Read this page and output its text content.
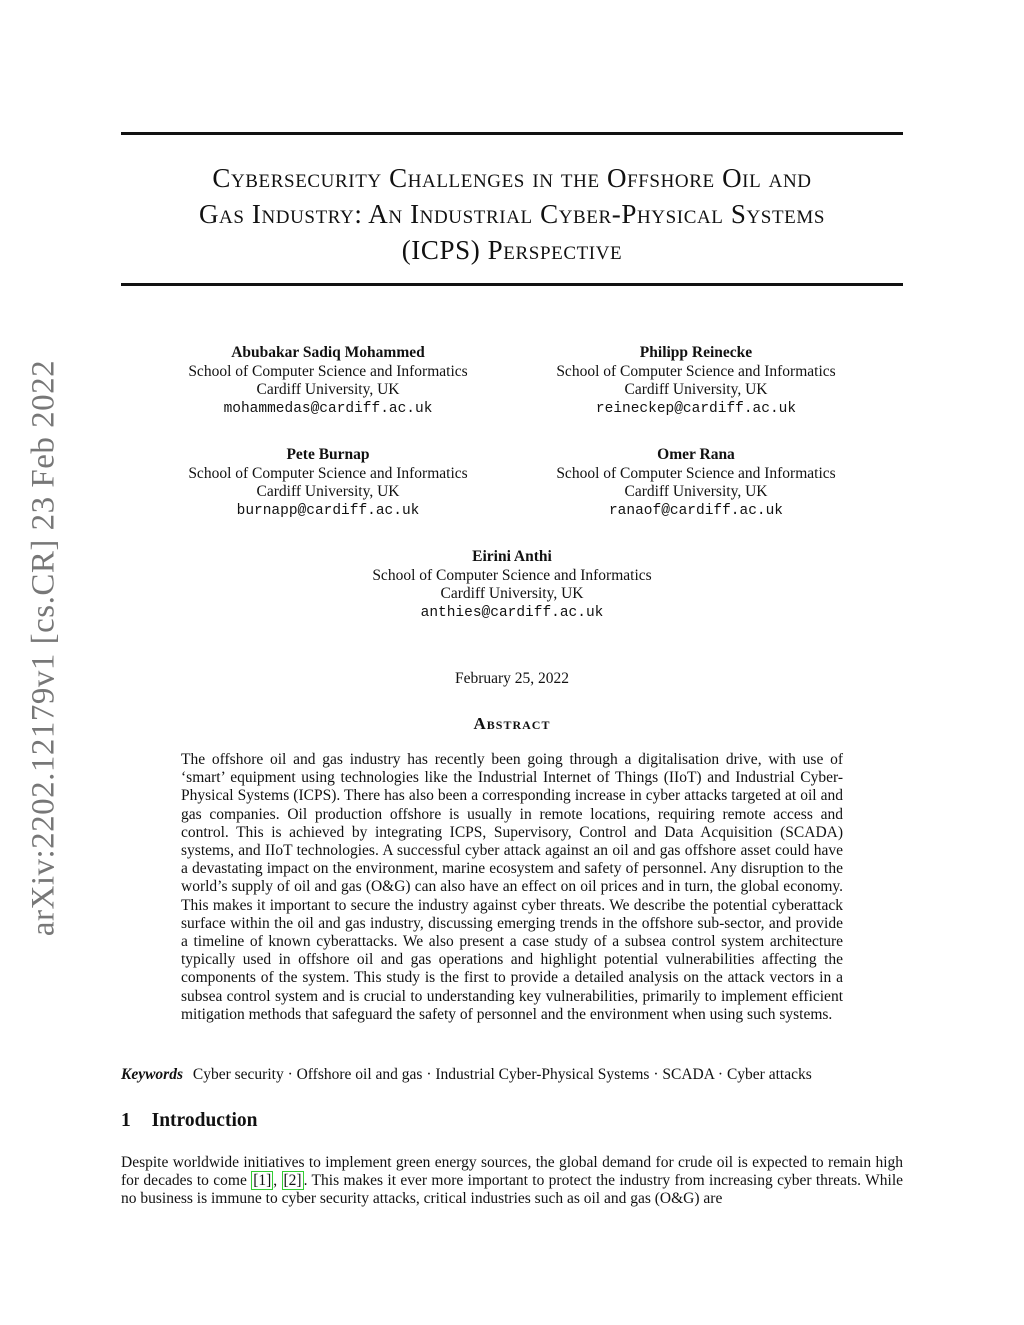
arXiv:2202.12179v1 [cs.CR] 23 Feb 2022
Cybersecurity Challenges in the Offshore Oil and
Gas Industry: An Industrial Cyber-Physical Systems
(ICPS) Perspective
Abubakar Sadiq Mohammed
School of Computer Science and Informatics
Cardiff University, UK
mohammedas@cardiff.ac.uk
Philipp Reinecke
School of Computer Science and Informatics
Cardiff University, UK
reineckep@cardiff.ac.uk
Pete Burnap
School of Computer Science and Informatics
Cardiff University, UK
burnapp@cardiff.ac.uk
Omer Rana
School of Computer Science and Informatics
Cardiff University, UK
ranaof@cardiff.ac.uk
Eirini Anthi
School of Computer Science and Informatics
Cardiff University, UK
anthies@cardiff.ac.uk
February 25, 2022
Abstract

The offshore oil and gas industry has recently been going through a digitalisation drive, with use of ‘smart’ equipment using technologies like the Industrial Internet of Things (IIoT) and Industrial Cyber-Physical Systems (ICPS). There has also been a corresponding increase in cyber attacks targeted at oil and gas companies. Oil production offshore is usually in remote locations, requiring remote access and control. This is achieved by integrating ICPS, Supervisory, Control and Data Acquisition (SCADA) systems, and IIoT technologies. A successful cyber attack against an oil and gas offshore asset could have a devastating impact on the environment, marine ecosystem and safety of personnel. Any disruption to the world’s supply of oil and gas (O&G) can also have an effect on oil prices and in turn, the global economy. This makes it important to secure the industry against cyber threats. We describe the potential cyberattack surface within the oil and gas industry, discussing emerging trends in the offshore sub-sector, and provide a timeline of known cyberattacks. We also present a case study of a subsea control system architecture typically used in offshore oil and gas operations and highlight potential vulnerabilities affecting the components of the system. This study is the first to provide a detailed analysis on the attack vectors in a subsea control system and is crucial to understanding key vulnerabilities, primarily to implement efficient mitigation methods that safeguard the safety of personnel and the environment when using such systems.

Keywords Cyber security · Offshore oil and gas · Industrial Cyber-Physical Systems · SCADA · Cyber attacks
1 Introduction

Despite worldwide initiatives to implement green energy sources, the global demand for crude oil is expected to remain high for decades to come [1] , [2] . This makes it ever more important to protect the industry from increasing cyber threats. While no business is immune to cyber security attacks, critical industries such as oil and gas (O&G) are
